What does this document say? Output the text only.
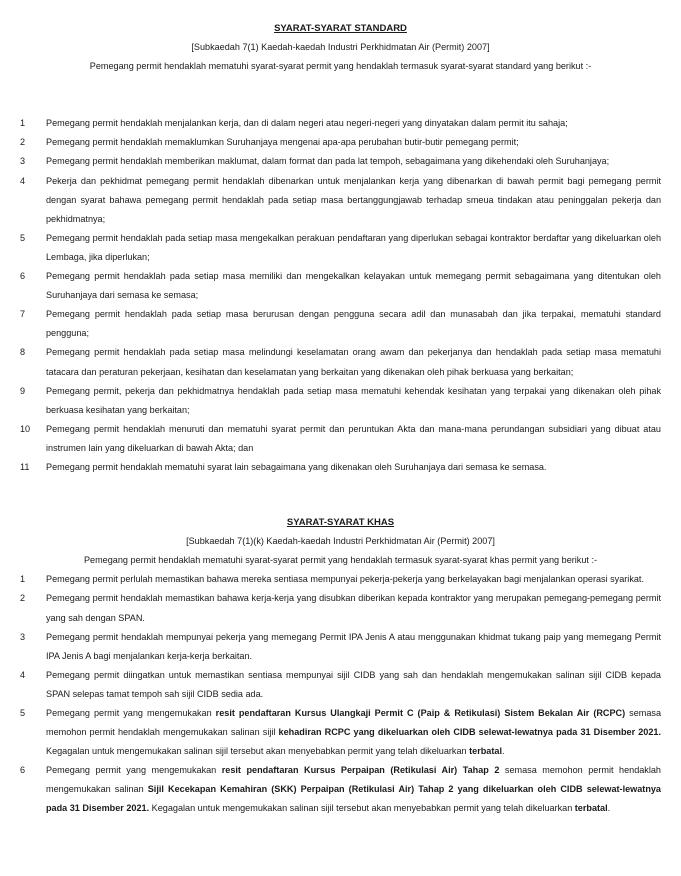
SYARAT-SYARAT STANDARD
[Subkaedah 7(1) Kaedah-kaedah Industri Perkhidmatan Air (Permit) 2007]
Pemegang permit hendaklah mematuhi syarat-syarat permit yang hendaklah termasuk syarat-syarat standard yang berikut :-
1	Pemegang permit hendaklah menjalankan kerja, dan di dalam negeri atau negeri-negeri yang dinyatakan dalam permit itu sahaja;
2	Pemegang permit hendaklah memaklumkan Suruhanjaya mengenai apa-apa perubahan butir-butir pemegang permit;
3	Pemegang permit hendaklah memberikan maklumat, dalam format dan pada lat tempoh, sebagaimana yang dikehendaki oleh Suruhanjaya;
4	Pekerja dan pekhidmat pemegang permit hendaklah dibenarkan untuk menjalankan kerja yang dibenarkan di bawah permit bagi pemegang permit dengan syarat bahawa pemegang permit hendaklah pada setiap masa bertanggungjawab terhadap smeua tindakan atau peninggalan pekerja dan pekhidmatnya;
5	Pemegang permit hendaklah pada setiap masa mengekalkan perakuan pendaftaran yang diperlukan sebagai kontraktor berdaftar yang dikeluarkan oleh Lembaga, jika diperlukan;
6	Pemegang permit hendaklah pada setiap masa memiliki dan mengekalkan kelayakan untuk memegang permit sebagaimana yang ditentukan oleh Suruhanjaya dari semasa ke semasa;
7	Pemegang permit hendaklah pada setiap masa berurusan dengan pengguna secara adil dan munasabah dan jika terpakai, mematuhi standard pengguna;
8	Pemegang permit hendaklah pada setiap masa melindungi keselamatan orang awam dan pekerjanya dan hendaklah pada setiap masa mematuhi tatacara dan peraturan pekerjaan, kesihatan dan keselamatan yang berkaitan yang dikenakan oleh pihak berkuasa yang berkaitan;
9	Pemegang permit, pekerja dan pekhidmatnya hendaklah pada setiap masa mematuhi kehendak kesihatan yang terpakai yang dikenakan oleh pihak berkuasa kesihatan yang berkaitan;
10	Pemegang permit hendaklah menuruti dan mematuhi syarat permit dan peruntukan Akta dan mana-mana perundangan subsidiari yang dibuat atau instrumen lain yang dikeluarkan di bawah Akta; dan
11	Pemegang permit hendaklah mematuhi syarat lain sebagaimana yang dikenakan oleh Suruhanjaya dari semasa ke semasa.
SYARAT-SYARAT KHAS
[Subkaedah 7(1)(k) Kaedah-kaedah Industri Perkhidmatan Air (Permit) 2007]
Pemegang permit hendaklah mematuhi syarat-syarat permit yang hendaklah termasuk syarat-syarat khas permit yang berikut :-
1	Pemegang permit perlulah memastikan bahawa mereka sentiasa mempunyai pekerja-pekerja yang berkelayakan bagi menjalankan operasi syarikat.
2	Pemegang permit hendaklah memastikan bahawa kerja-kerja yang disubkan diberikan kepada kontraktor yang merupakan pemegang-pemegang permit yang sah dengan SPAN.
3	Pemegang permit hendaklah mempunyai pekerja yang memegang Permit IPA Jenis A atau menggunakan khidmat tukang paip yang memegang Permit IPA Jenis A bagi menjalankan kerja-kerja berkaitan.
4	Pemegang permit diingatkan untuk memastikan sentiasa mempunyai sijil CIDB yang sah dan hendaklah mengemukakan salinan sijil CIDB kepada SPAN selepas tamat tempoh sah sijil CIDB sedia ada.
5	Pemegang permit yang mengemukakan resit pendaftaran Kursus Ulangkaji Permit C (Paip & Retikulasi) Sistem Bekalan Air (RCPC) semasa memohon permit hendaklah mengemukakan salinan sijil kehadiran RCPC yang dikeluarkan oleh CIDB selewat-lewatnya pada 31 Disember 2021. Kegagalan untuk mengemukakan salinan sijil tersebut akan menyebabkan permit yang telah dikeluarkan terbatal.
6	Pemegang permit yang mengemukakan resit pendaftaran Kursus Perpaipan (Retikulasi Air) Tahap 2 semasa memohon permit hendaklah mengemukakan salinan Sijil Kecekapan Kemahiran (SKK) Perpaipan (Retikulasi Air) Tahap 2 yang dikeluarkan oleh CIDB selewat-lewatnya pada 31 Disember 2021. Kegagalan untuk mengemukakan salinan sijil tersebut akan menyebabkan permit yang telah dikeluarkan terbatal.
